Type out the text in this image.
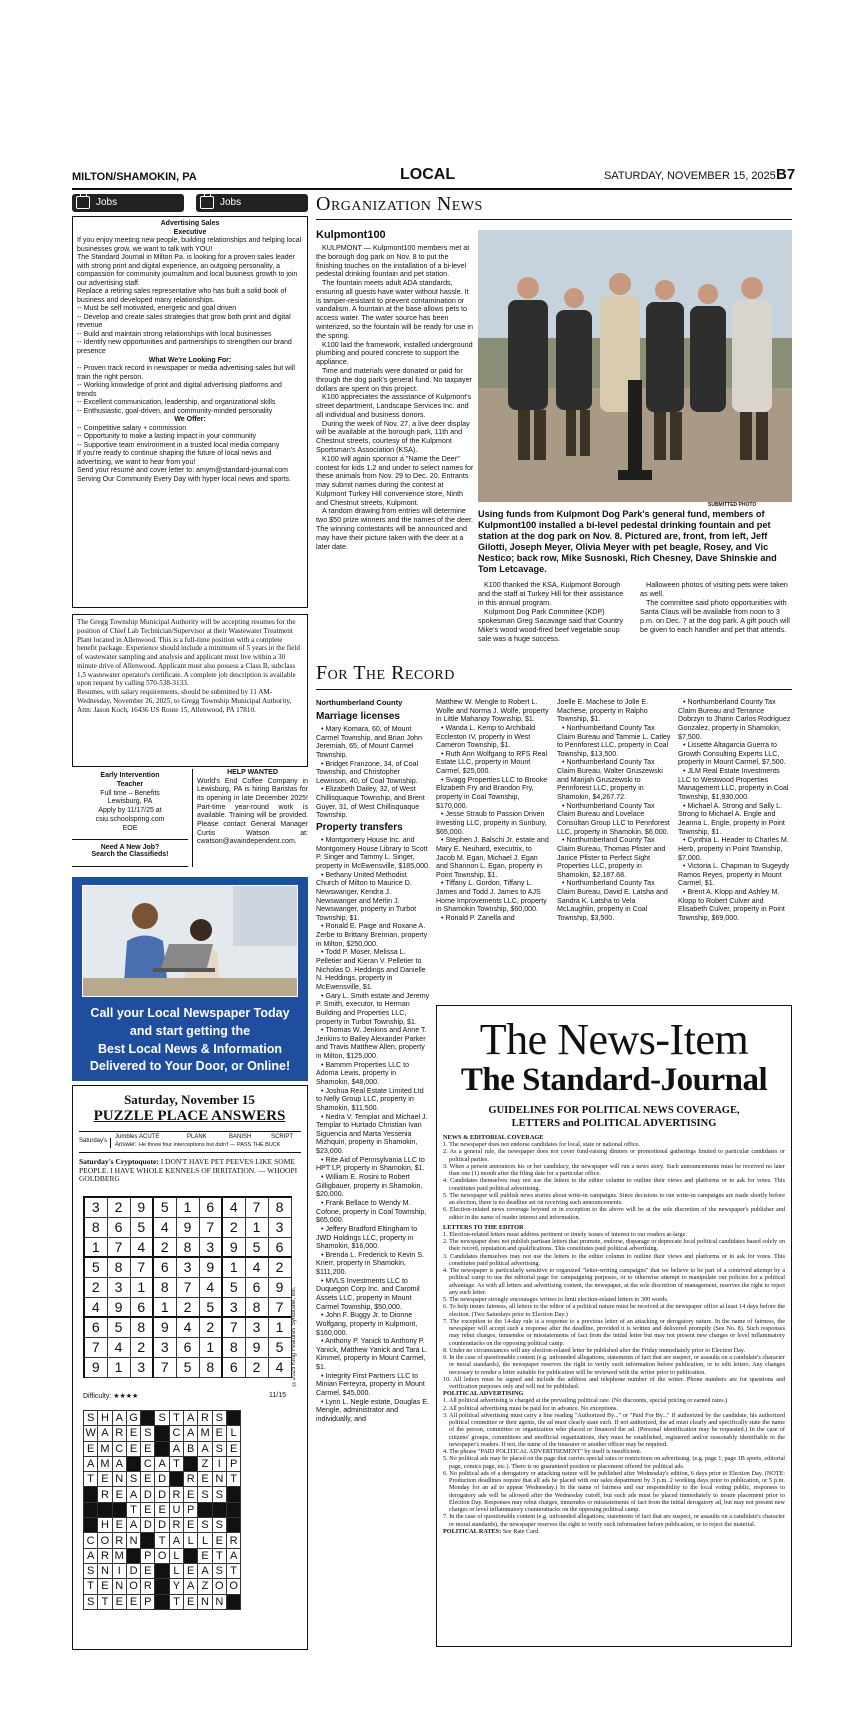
MILTON/SHAMOKIN, PA	LOCAL	SATURDAY, NOVEMBER 15, 2025 B7
Jobs	Jobs

Advertising Sales

Executive

If you enjoy meeting new people, building relationships and helping local businesses grow, we want to talk with YOU!

The Standard Journal in Milton Pa. is looking for a proven sales leader with strong print and digital experience, an outgoing personality, a compassion for community journalism and local business growth to join our advertising staff.

Replace a retiring sales representative who has built a solid book of business and developed many relationships.

-- Must be self motivated, energetic and goal driven

-- Develop and create sales strategies that grow both print and digital revenue

-- Build and maintain strong relationships with local businesses

-- Identify new opportunities and partnerships to strengthen our brand presence

What We're Looking For:

-- Proven track record in newspaper or media advertising sales but will train the right person.

-- Working knowledge of print and digital advertising platforms and trends

-- Excellent communication, leadership, and organizational skills

-- Enthusiastic, goal-driven, and community-minded personality

We Offer:

-- Competitive salary + commission

-- Opportunity to make a lasting impact in your community

-- Supportive team environment in a trusted local media company

If you're ready to continue shaping the future of local news and advertising, we want to hear from you!

Send your résumé and cover letter to: amym@standard-journal.com

Serving Our Community Every Day with hyper local news and sports.

The Gregg Township Municipal Authority will be accepting resumes for the position of Chief Lab Technician/Supervisor at their Wastewater Treatment Plant located in Allenwood. This is a full-time position with a complete benefit package. Experience should include a minimum of 5 years in the field of wastewater sampling and analysis and applicant must live within a 30 minute drive of Allenwood. Applicant must also possess a Class B, subclass 1,5 wastewater operator's certificate. A complete job description is available upon request by calling 570-538-3133.

Resumes, with salary requirements, should be submitted by 11 AM-Wednesday, November 26, 2025, to Gregg Township Municipal Authority, Attn: Jason Koch, 16436 US Route 15, Allenwood, PA 17810.

Early Intervention
Teacher
Full time – Benefits
Lewisburg, PA
Apply by 11/17/25 at
csiu.schoolspring.com
EOE
Need A New Job?
Search the Classifieds!
HELP WANTED
World's End Coffee Company in Lewisburg, PA is hiring Baristas for its opening in late December 2025! Part-time year-round work is available. Training will be provided. Please contact General Manager Curtis Watson at: cwatson@avaindependent.com.
Call your Local Newspaper Today
and start getting the
Best Local News & Information
Delivered to Your Door, or Online!
Saturday, November 15
PUZZLE PLACE ANSWERS
Saturday's
Jumbles: ACUTE	PLANK	BANISH	SCRIPT
Answer: He threw four interceptions but didn't — PASS THE BUCK
Saturday's Cryptoquote: I DON'T HAVE PET PEEVES LIKE SOME PEOPLE. I HAVE WHOLE KENNELS OF IRRITATION. — WHOOPI GOLDBERG
3	2	9	5	1	6	4	7	8
8	6	5	4	9	7	2	1	3
1	7	4	2	8	3	9	5	6
5	8	7	6	3	9	1	4	2
2	3	1	8	7	4	5	6	9
4	9	6	1	2	5	3	8	7
6	5	8	9	4	2	7	3	1
7	4	2	3	6	1	8	9	5
9	1	3	7	5	8	6	2	4 ©2025 King Features Syndicate, Inc.
Difficulty: ★★★★	11/15
S	H	A	G		S	T	A	R	S	
W	A	R	E	S		C	A	M	E	L
E	M	C	E	E		A	B	A	S	E
A	M	A		C	A	T		Z	I	P
T	E	N	S	E	D		R	E	N	T
	R	E	A	D	D	R	E	S	S	
			T	E	E	U	P			
	H	E	A	D	D	R	E	S	S	
C	O	R	N		T	A	L	L	E	R
A	R	M		P	O	L		E	T	A
S	N	I	D	E		L	E	A	S	T
T	E	N	O	R		Y	A	Z	O	O
S	T	E	E	P		T	E	N	N	
Organization News
Kulpmont100

KULPMONT — Kulpmont100 members met at the borough dog park on Nov. 8 to put the finishing touches on the installation of a bi-level pedestal drinking fountain and pet station.

The fountain meets adult ADA standards, ensuring all guests have water without hassle. It is tamper-resistant to prevent contamination or vandalism. A fountain at the base allows pets to access water. The water source has been winterized, so the fountain will be ready for use in the spring.

K100 laid the framework, installed underground plumbing and poured concrete to support the appliance.

Time and materials were donated or paid for through the dog park's general fund. No taxpayer dollars are spent on this project.

K100 appreciates the assistance of Kulpmont's street department, Landscape Services Inc. and all individual and business donors.

During the week of Nov. 27, a live deer display will be available at the borough park, 11th and Chestnut streets, courtesy of the Kulpmont Sportsman's Association (KSA).

K100 will again sponsor a "Name the Deer" contest for kids 1.2 and under to select names for these animals from Nov. 29 to Dec. 20. Entrants may submit names during the contest at Kulpmont Turkey Hill convenience store, Ninth and Chestnut streets, Kulpmont.

A random drawing from entries will determine two $50 prize winners and the names of the deer. The winning contestants will be announced and may have their picture taken with the deer at a later date.

SUBMITTED PHOTO
Using funds from Kulpmont Dog Park's general fund, members of Kulpmont100 installed a bi-level pedestal drinking fountain and pet station at the dog park on Nov. 8. Pictured are, front, from left, Jeff Gilotti, Joseph Meyer, Olivia Meyer with pet beagle, Rosey, and Vic Nestico; back row, Mike Susnoski, Rich Chesney, Dave Shinskie and Tom Letcavage.

K100 thanked the KSA, Kulpmont Borough and the staff at Turkey Hill for their assistance in this annual program.

Kulpmont Dog Park Committee (KDP) spokesman Greg Sacavage said that Country Mike's wood wood-fired beef vegetable soup sale was a huge success.

Halloween photos of visiting pets were taken as well.

The committee said photo opportunities with Santa Claus will be available from noon to 3 p.m. on Dec. 7 at the dog park. A gift pouch will be given to each handler and pet that attends.

For The Record
Northumberland County
Marriage licenses

• Mary Komara, 60, of Mount Carmel Township, and Brian John Jeremiah, 65, of Mount Carmel Township.

• Bridget Franzone, 34, of Coal Township, and Christopher Lewinson, 40, of Coal Township.

• Elizabeth Dailey, 32, of West Chillisquaque Township, and Brent Guyer, 31, of West Chillisquaque Township.

Property transfers

• Montgomery House Inc. and Montgomery House Library to Scott P. Singer and Tammy L. Singer, property in McEwensville, $185,000.

• Bethany United Methodist Church of Milton to Maurice D. Newswanger, Kendra J. Newswanger and Merlin J. Newswanger, property in Turbot Township, $1.

• Ronald E. Paige and Roxane A. Zerbe to Brittany Brennan, property in Milton, $250,000.

• Todd P. Moser, Melissa L. Pelletier and Kieran V. Pelletier to Nicholas D. Heddings and Danielle N. Heddings, property in McEwensville, $1.

• Gary L. Smith estate and Jeremy P. Smith, executor, to Herman Building and Properties LLC, property in Turbot Township, $1.

• Thomas W. Jenkins and Anne T. Jenkins to Bailey Alexander Parker and Travis Matthew Allen, property in Milton, $125,000.

• Bammm Properties LLC to Adoma Lewis, property in Shamokin, $48,000.

• Joshua Real Estate Limited Ltd to Nelly Group LLC, property in Shamokin, $11,500.

• Nedra V. Templar and Michael J. Templar to Hurtado Christian Ivan Siguencia and Marta Yessenia Mizhquiri, property in Shamokin, $23,000.

• Rite Aid of Pennsylvania LLC to HPT LP, property in Shamokin, $1.

• William E. Rosini to Robert Gilligbauer, property in Shamokin, $20,000.

• Frank Bellace to Wendy M. Cofone, property in Coal Township, $65,000.

• Jeffery Bradford Eltingham to JWD Holdings LLC, property in Shamokin, $16,000.

• Brenda L. Frederick to Kevin S. Knerr, property in Shamokin, $111,200.

• MVLS Investments LLC to Duquegon Corp Inc. and Caromil Assets LLC, property in Mount Carmel Township, $50,000.

• John F. Buggy Jr. to Dionne Wolfgang, property in Kulpmont, $160,000.

• Anthony P. Yanick to Anthony P. Yanick, Matthew Yanick and Tara L. Kimmel, property in Mount Carmel, $1.

• Integrity First Partners LLC to Minian Ferreyra, property in Mount Carmel, $45,000.

• Lynn L. Negle estate, Douglas E. Mengle, administrator and individually, and

Matthew W. Mengle to Robert L. Wolfe and Norma J. Wolfe, property in Little Mahanoy Township, $1.

• Wanda L. Kemp to Archibald Eccleston IV, property in West Cameron Township, $1.

• Ruth Ann Wolfgang to RFS Real Estate LLC, property in Mount Carmel, $25,000.

• Svagg Properties LLC to Brooke Elizabeth Fry and Brandon Fry, property in Coal Township, $170,000.

• Jesse Straub to Passion Driven Investing LLC, property in Sunbury, $65,000.

• Stephen J. Balschi Jr. estate and Mary E. Neuhard, executrix, to Jacob M. Egan, Michael J. Egan and Shannon L. Egan, property in Point Township, $1.

• Tiffany L. Gordon, Tiffany L. James and Todd J. James to AJS Home Improvements LLC, property in Shamokin Township, $60,000.

• Ronald P. Zanella and

Joelle E. Machese to Jolle E. Machese, property in Ralpho Township, $1.

• Northumberland County Tax Claim Bureau and Tammie L. Catley to Pennforest LLC, property in Coal Township, $13,500.

• Northumberland County Tax Claim Bureau, Walter Gruszewski and Marijah Gruszewski to Pennforest LLC, property in Shamokin, $4,267.72.

• Northumberland County Tax Claim Bureau and Lovelace Consultan Group LLC to Pennforest LLC, property in Shamokin, $6,000.

• Northumberland County Tax Claim Bureau, Thomas Pfister and Janice Pfister to Perfect Sight Properties LLC, property in Shamokin, $2,187.68.

• Northumberland County Tax Claim Bureau, David E. Latsha and Sandra K. Latsha to Vela McLaughlin, property in Coal Township, $3,500.

• Northumberland County Tax Claim Bureau and Terrance Dobrzyn to Jhann Carlos Rodriguez Gonzalez, property in Shamokin, $7,500.

• Lissette Altagarcia Guerra to Growth Consulting Experts LLC, property in Mount Carmel, $7,500.

• JLM Real Estate Investments LLC to Westwood Properties Management LLC, property in Coal Township, $1,930,000.

• Michael A. Strong and Sally L. Strong to Michael A. Engle and Jeanna L. Engle, property in Point Township, $1.

• Cynthia L. Header to Charles M. Herb, property in Point Township, $7,000.

• Victoria L. Chapman to Sugeydy Ramos Reyes, property in Mount Carmel, $1.

• Brent A. Klopp and Ashley M. Klopp to Robert Culver and Elisabeth Culver, property in Point Township, $69,000.

The News-Item
The Standard-Journal
GUIDELINES FOR POLITICAL NEWS COVERAGE,
LETTERS and POLITICAL ADVERTISING
NEWS & EDITORIAL COVERAGE

1. The newspaper does not endorse candidates for local, state or national office.

2. As a general rule, the newspaper does not cover fund-raising dinners or promotional gatherings limited to particular candidates or political parties.

3. When a person announces his or her candidacy, the newspaper will run a news story. Such announcements must be received no later than one (1) month after the filing date for a particular office.

4. Candidates themselves may not use the letters to the editor column to outline their views and platforms or to ask for votes. This constitutes paid political advertising.

5. The newspaper will publish news stories about write-in campaigns. Since decisions to run write-in campaigns are made shortly before an election, there is no deadline set on receiving such announcements.

6. Election-related news coverage beyond or in exception to the above will be at the sole discretion of the newspaper's publisher and editor in the name of reader interest and information.

LETTERS TO THE EDITOR

1. Election-related letters must address pertinent or timely issues of interest to our readers at-large.

2. The newspaper does not publish partisan letters that promote, endorse, disparage or deprecate local political candidates based solely on their record, reputation and qualifications. This constitutes paid political advertising.

3. Candidates themselves may not use the letters to the editor column to outline their views and platforms or to ask for votes. This constitutes paid political advertising.

4. The newspaper is particularly sensitive to organized "letter-writing campaigns" that we believe to be part of a contrived attempt by a political camp to use the editorial page for campaigning purposes, or to otherwise attempt to manipulate our policies for a political advantage. As with all letters and advertising content, the newspaper, at the sole discretion of management, reserves the right to reject any such letter.

5. The newspaper strongly encourages writers to limit election-related letters to 300 words.

6. To help insure fairness, all letters to the editor of a political nature must be received at the newspaper office at least 14 days before the election. (Two Saturdays prior to Election Day.)

7. The exception to the 14-day rule is a response to a previous letter of an attacking or derogatory nature. In the name of fairness, the newspaper will accept such a response after the deadline, provided it is written and delivered promptly (See No. 8). Such responses may rebut charges, innuendos or misstatements of fact from the initial letter but may not present new charges or level inflammatory counterattacks on the opposing political camp.

8. Under no circumstances will any election-related letter be published after the Friday immediately prior to Election Day.

9. In the case of questionable content (e.g. unfounded allegations, statements of fact that are suspect, or assaults on a candidate's character or moral standards), the newspaper reserves the right to verify such information before publication, or to edit letters. Any changes necessary to render a letter suitable for publication will be reviewed with the writer prior to publication.

10. All letters must be signed and include the address and telephone number of the writer. Phone numbers are for questions and verification purposes only and will not be published.

POLITICAL ADVERTISING

1. All political advertising is charged at the prevailing political rate. (No discounts, special pricing or earned rates.)

2. All political advertising must be paid for in advance. No exceptions.

3. All political advertising must carry a line reading "Authorized By..." or "Paid For By..." If authorized by the candidate, his authorized political committee or their agents, the ad must clearly state such. If not authorized, the ad must clearly and specifically state the name of the person, committee or organization who placed or financed the ad. (Personal identification may be requested.) In the case of citizens' groups, committees and unofficial organizations, they must be established, registered and/or reasonably identifiable to the newspaper's readers. If not, the name of the treasurer or another officer may be required.

4. The phrase "PAID POLITICAL ADVERTISEMENT" by itself is insufficient.

5. No political ads may be placed on the page that carries special rates or restrictions on advertising. (e.g. page 1, page 1B sports, editorial page, comics page, etc.). There is no guaranteed position or placement offered for political ads.

6. No political ads of a derogatory or attacking nature will be published after Wednesday's edition, 6 days prior to Election Day. (NOTE: Production deadlines require that all ads be placed with our sales department by 3 p.m. 2 working days prior to publication, or 5 p.m. Monday for an ad to appear Wednesday.) In the name of fairness and our responsibility to the local voting public, responses to derogatory ads will be allowed after the Wednesday cutoff, but such ads must be placed immediately to insure placement prior to Election Day. Responses may rebut charges, innuendos or misstatements of fact from the initial derogatory ad, but may not present new charges or level inflammatory counterattacks on the opposing political camp.

7. In the case of questionable content (e.g. unfounded allegations, statements of fact that are suspect, or assaults on a candidate's character or moral standards), the newspaper reserves the right to verify such information before publication, or to reject the material.

POLITICAL RATES: See Rate Card.
